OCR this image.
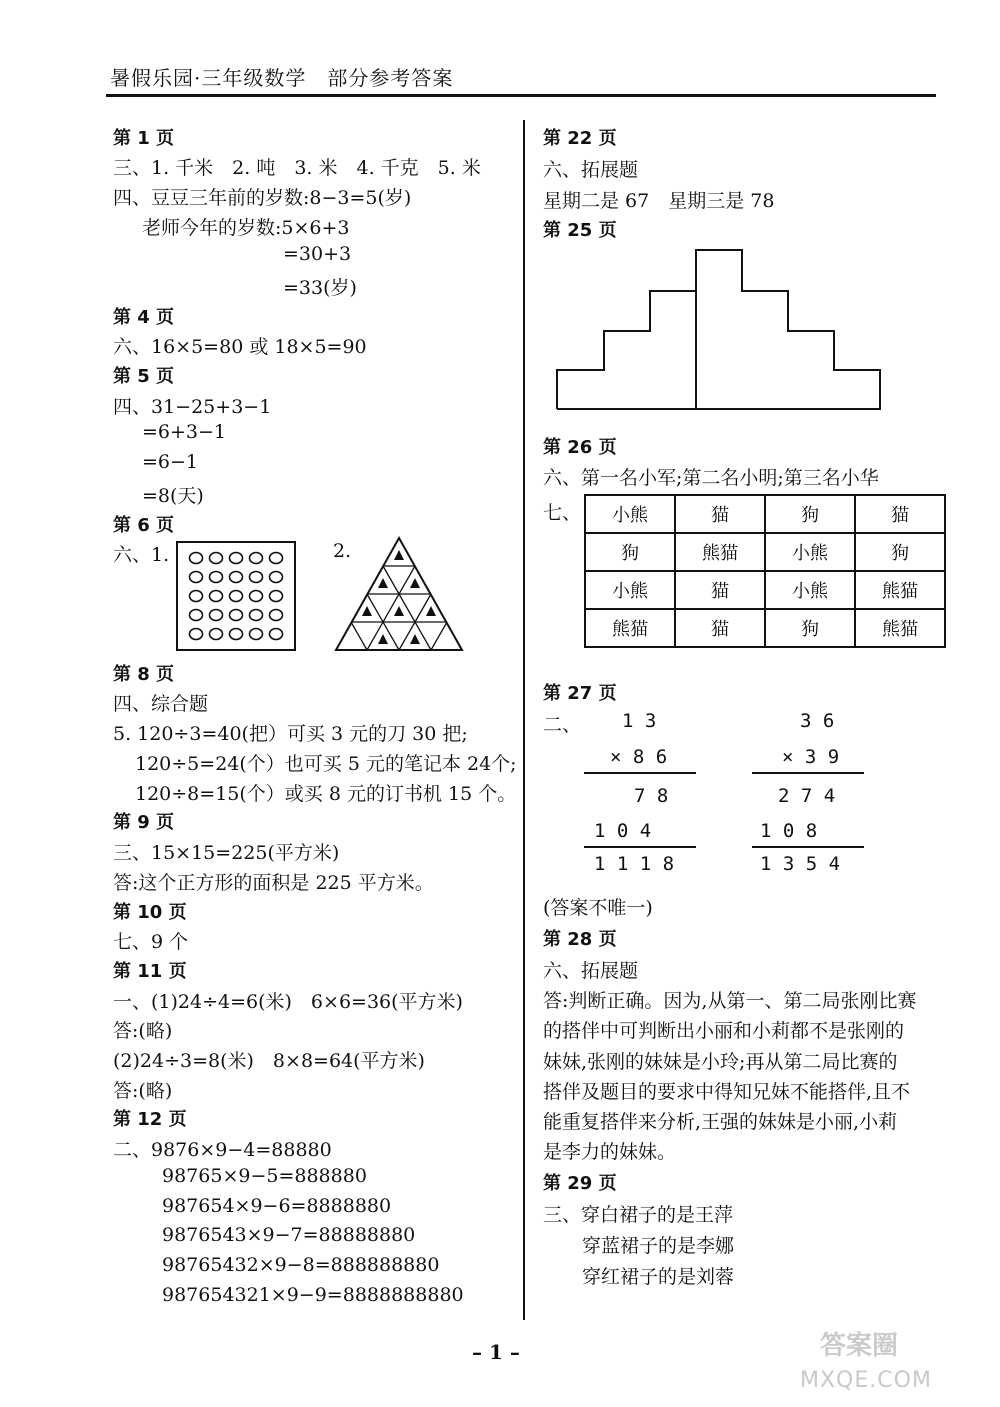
暑假乐园·三年级数学　部分参考答案
第 1 页
三、1. 千米　2. 吨　3. 米　4. 千克　5. 米
四、豆豆三年前的岁数:8−3=5(岁)
老师今年的岁数:5×6+3
=30+3
=33(岁)
第 4 页
六、16×5=80 或 18×5=90
第 5 页
四、31−25+3−1
=6+3−1
=6−1
=8(天)
第 6 页
六、1.	2.
第 8 页
四、综合题
5. 120÷3=40(把）可买 3 元的刀 30 把;
120÷5=24(个）也可买 5 元的笔记本 24个;
120÷8=15(个）或买 8 元的订书机 15 个。
第 9 页
三、15×15=225(平方米)
答:这个正方形的面积是 225 平方米。
第 10 页
七、9 个
第 11 页
一、(1)24÷4=6(米)　6×6=36(平方米)
答:(略)
(2)24÷3=8(米)　8×8=64(平方米)
答:(略)
第 12 页
二、9876×9−4=88880
98765×9−5=888880
987654×9−6=8888880
9876543×9−7=88888880
98765432×9−8=888888880
987654321×9−9=8888888880
第 22 页
六、拓展题
星期二是 67　星期三是 78
第 25 页
第 26 页
六、第一名小军;第二名小明;第三名小华
七、
第 27 页
二、
(答案不唯一)
第 28 页
六、拓展题
答:判断正确。因为,从第一、第二局张刚比赛
的搭伴中可判断出小丽和小莉都不是张刚的
妹妹,张刚的妹妹是小玲;再从第二局比赛的
搭伴及题目的要求中得知兄妹不能搭伴,且不
能重复搭伴来分析,王强的妹妹是小丽,小莉
是李力的妹妹。
第 29 页
三、穿白裙子的是王萍
穿蓝裙子的是李娜
穿红裙子的是刘蓉
小熊	猫	狗	猫
狗	熊猫	小熊	狗
小熊	猫	小熊	熊猫
熊猫	猫	狗	熊猫
1 3
× 8 6
7 8
1 0 4
1 1 1 8
3 6
× 3 9
2 7 4
1 0 8
1 3 5 4
– 1 –	答案圈
MXQE.COM
